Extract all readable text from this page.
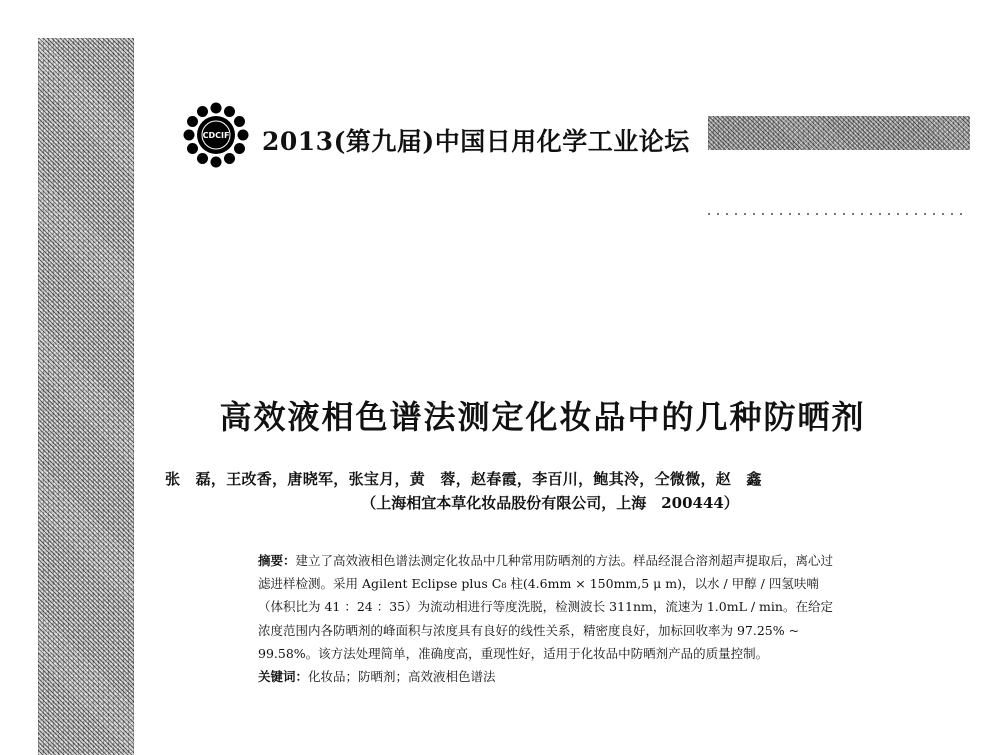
CDCIF 2013(第九届)中国日用化学工业论坛
高效液相色谱法测定化妆品中的几种防晒剂
张　磊，王改香，唐晓军，张宝月，黄　蓉，赵春霞，李百川，鲍其泠，仝微微，赵　鑫
（上海相宜本草化妆品股份有限公司，上海　200444）

摘要：建立了高效液相色谱法测定化妆品中几种常用防晒剂的方法。样品经混合溶剂超声提取后，离心过滤进样检测。采用 Agilent Eclipse plus C₈ 柱(4.6mm × 150mm,5 μ m)，以水 / 甲醇 / 四氢呋喃（体积比为 41 ：24 ：35）为流动相进行等度洗脱，检测波长 311nm，流速为 1.0mL / min。在给定浓度范围内各防晒剂的峰面积与浓度具有良好的线性关系，精密度良好，加标回收率为 97.25% ~ 99.58%。该方法处理简单，准确度高，重现性好，适用于化妆品中防晒剂产品的质量控制。

关键词：化妆品；防晒剂；高效液相色谱法
